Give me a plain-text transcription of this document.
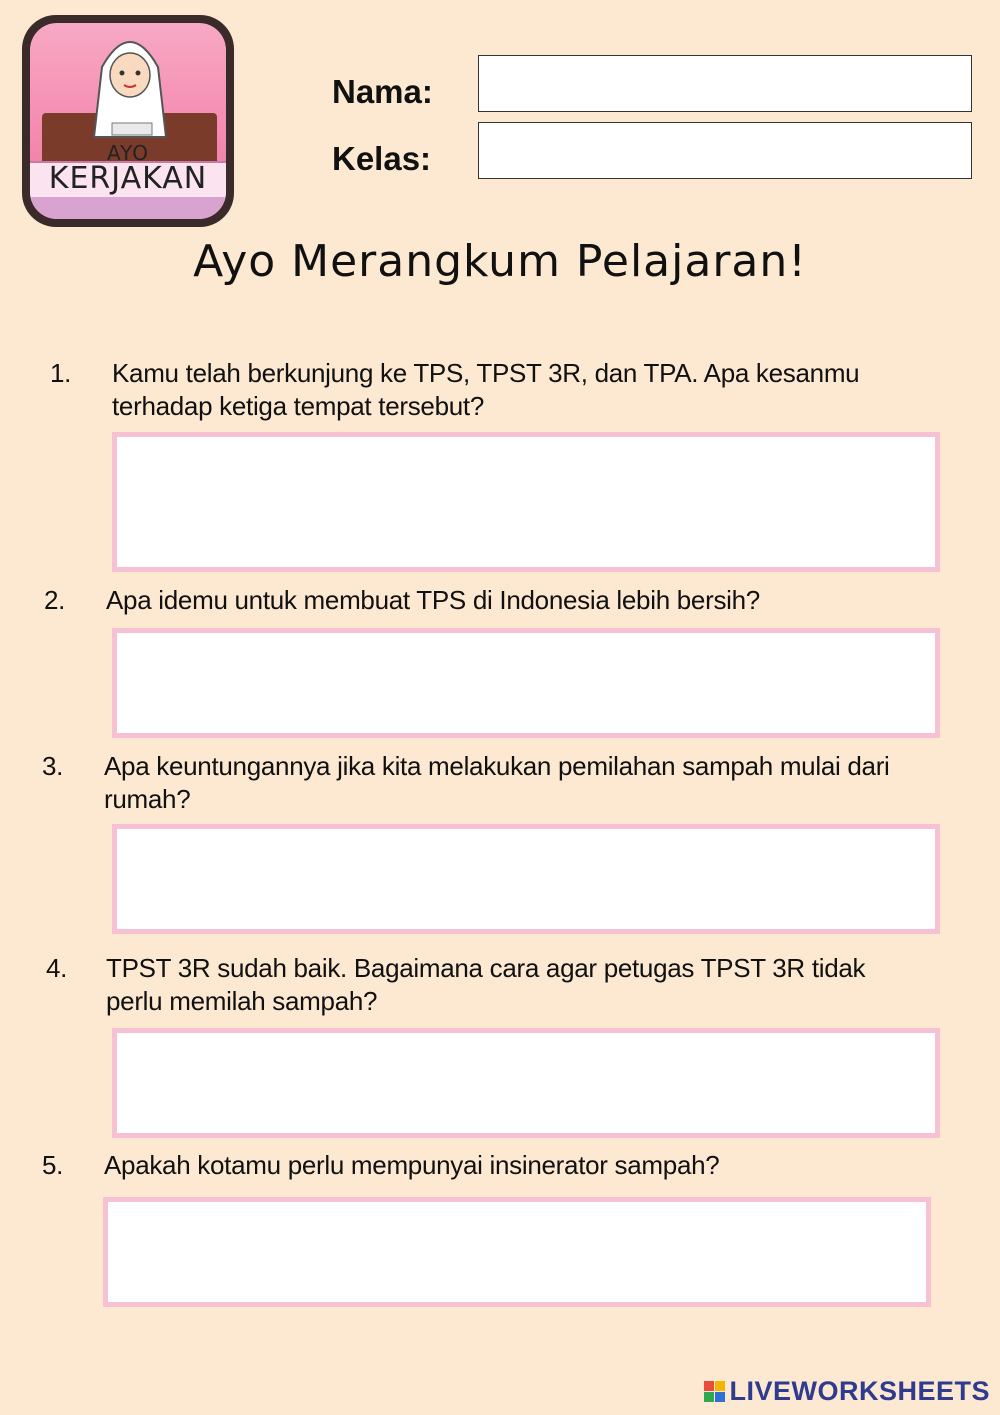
AYO
KERJAKAN
Nama:
Kelas:
Ayo Merangkum Pelajaran!
1. Kamu telah berkunjung ke TPS, TPST 3R, dan TPA. Apa kesanmu terhadap ketiga tempat tersebut?
2. Apa idemu untuk membuat TPS di Indonesia lebih bersih?
3. Apa keuntungannya jika kita melakukan pemilahan sampah mulai dari rumah?
4. TPST 3R sudah baik. Bagaimana cara agar petugas TPST 3R tidak perlu memilah sampah?
5. Apakah kotamu perlu mempunyai insinerator sampah?
LIVEWORKSHEETS
